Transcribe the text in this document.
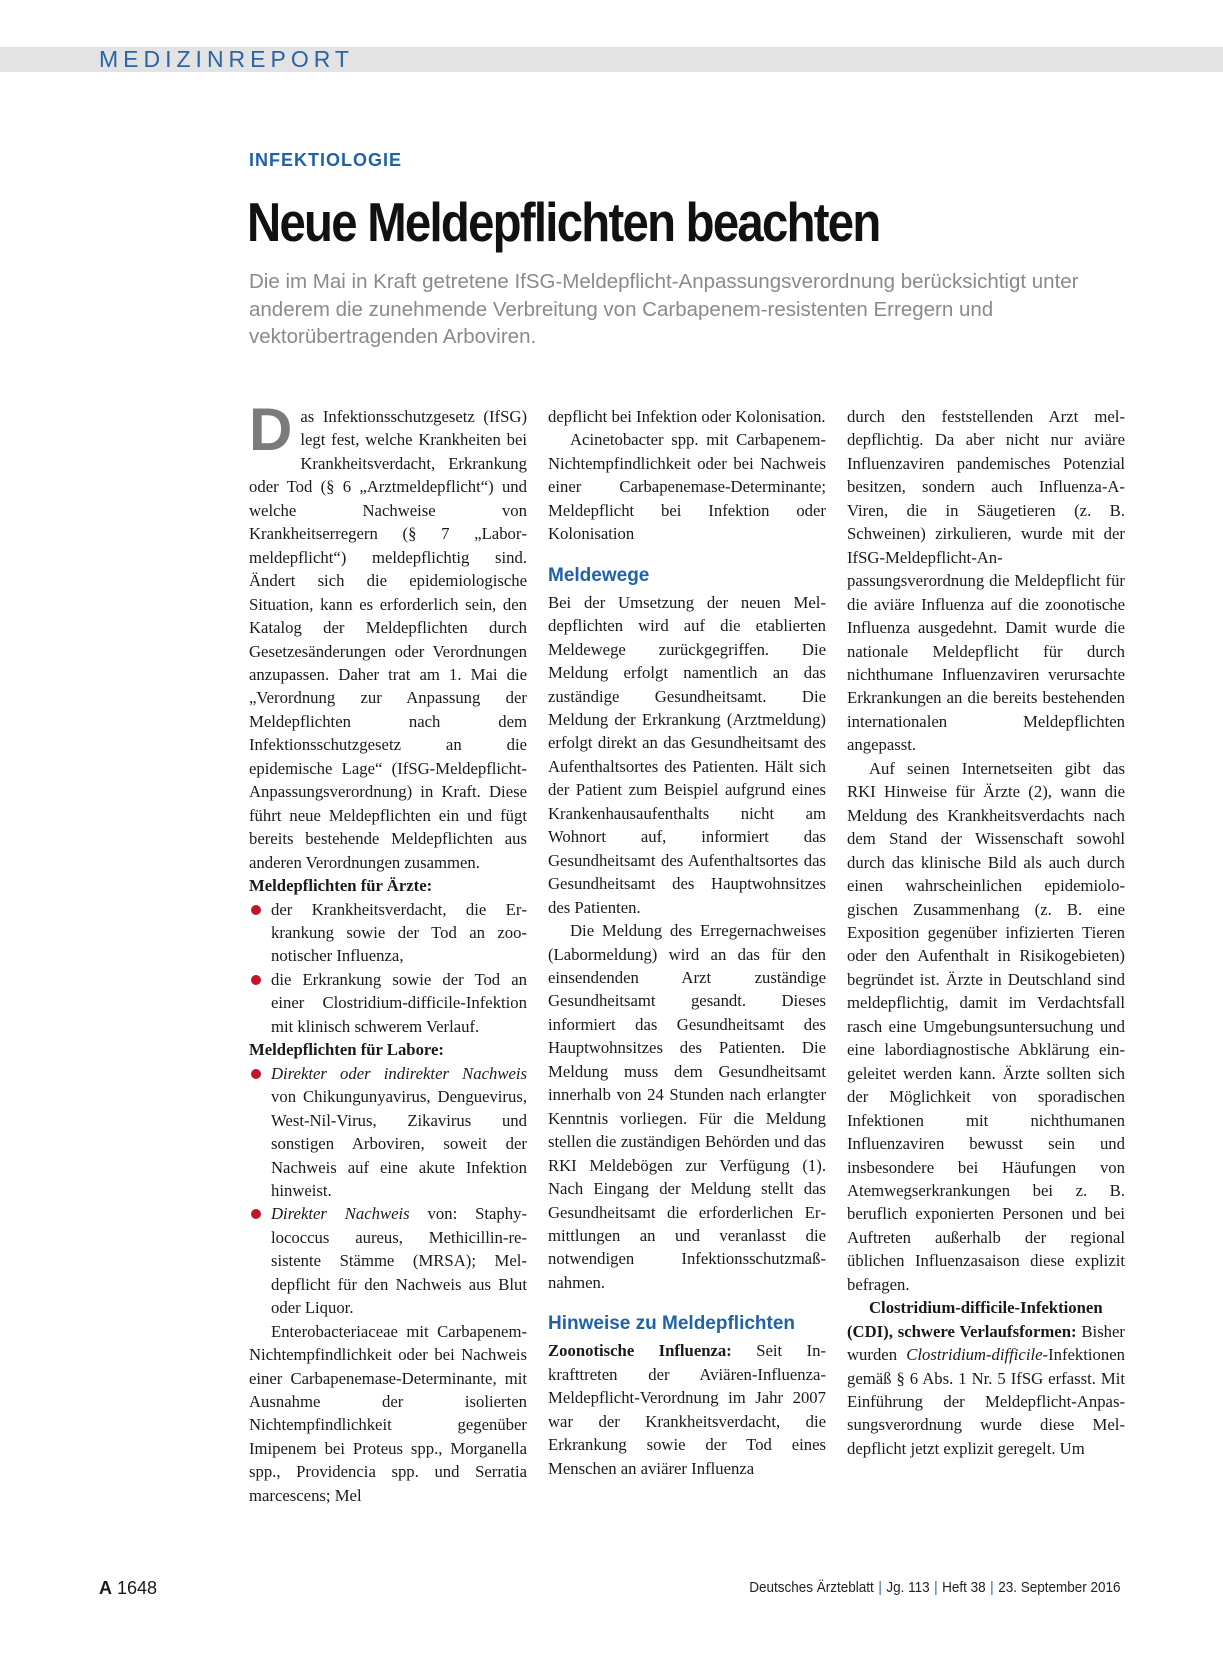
MEDIZINREPORT
INFEKTIOLOGIE
Neue Meldepflichten beachten
Die im Mai in Kraft getretene IfSG-Meldepflicht-Anpassungsverordnung berücksichtigt unter anderem die zunehmende Verbreitung von Carbapenem-resistenten Erregern und vektorübertragenden Arboviren.

Das Infektionsschutzgesetz (IfSG) legt fest, welche Krankheiten bei Krankheitsverdacht, Erkrankung oder Tod (§ 6 „Arztmeldepflicht“) und welche Nachweise von Krankheitserregern (§ 7 „Labormeldepflicht“) meldepflichtig sind. Ändert sich die epidemiologische Situation, kann es erforderlich sein, den Katalog der Meldepflichten durch Gesetzesänderungen oder Verordnungen anzupassen. Daher trat am 1. Mai die „Verordnung zur Anpassung der Meldepflichten nach dem Infektionsschutzgesetz an die epidemische Lage“ (IfSG-Meldepflicht-Anpassungsverordnung) in Kraft. Diese führt neue Meldepflichten ein und fügt bereits bestehende Meldepflichten aus anderen Verordnungen zusammen.

Meldepflichten für Ärzte:

der Krankheitsverdacht, die Erkrankung sowie der Tod an zoonotischer Influenza,
die Erkrankung sowie der Tod an einer Clostridium-difficile-Infektion mit klinisch schwerem Verlauf.

Meldepflichten für Labore:

Direkter oder indirekter Nachweis von Chikungunyavirus, Denguevirus, West-Nil-Virus, Zikavirus und sonstigen Arboviren, soweit der Nachweis auf eine akute Infektion hinweist.
Direkter Nachweis von: Staphylococcus aureus, Methicillin-resistente Stämme (MRSA); Meldepflicht für den Nachweis aus Blut oder Liquor.

Enterobacteriaceae mit Carbapenem-Nichtempfindlichkeit oder bei Nachweis einer Carbapenemase-Determinante, mit Ausnahme der isolierten Nichtempfindlichkeit gegenüber Imipenem bei Proteus spp., Morganella spp., Providencia spp. und Serratia marcescens; Mel

depflicht bei Infektion oder Kolonisation.

Acinetobacter spp. mit Carbapenem-Nichtempfindlichkeit oder bei Nachweis einer Carbapenemase-Determinante; Meldepflicht bei Infektion oder Kolonisation

Meldewege

Bei der Umsetzung der neuen Meldepflichten wird auf die etablierten Meldewege zurückgegriffen. Die Meldung erfolgt namentlich an das zuständige Gesundheitsamt. Die Meldung der Erkrankung (Arztmeldung) erfolgt direkt an das Gesundheitsamt des Aufenthaltsortes des Patienten. Hält sich der Patient zum Beispiel aufgrund eines Krankenhausaufenthalts nicht am Wohnort auf, informiert das Gesundheitsamt des Aufenthaltsortes das Gesundheitsamt des Hauptwohnsitzes des Patienten.

Die Meldung des Erregernachweises (Labormeldung) wird an das für den einsendenden Arzt zuständige Gesundheitsamt gesandt. Dieses informiert das Gesundheitsamt des Hauptwohnsitzes des Patienten. Die Meldung muss dem Gesundheitsamt innerhalb von 24 Stunden nach erlangter Kenntnis vorliegen. Für die Meldung stellen die zuständigen Behörden und das RKI Meldebögen zur Verfügung (1). Nach Eingang der Meldung stellt das Gesundheitsamt die erforderlichen Ermittlungen an und veranlasst die notwendigen Infektionsschutzmaßnahmen.

Hinweise zu Meldepflichten

Zoonotische Influenza: Seit Inkrafttreten der Aviären-Influenza-Meldepflicht-Verordnung im Jahr 2007 war der Krankheitsverdacht, die Erkrankung sowie der Tod eines Menschen an aviärer Influenza

durch den feststellenden Arzt meldepflichtig. Da aber nicht nur aviäre Influenzaviren pandemisches Potenzial besitzen, sondern auch Influenza-A-Viren, die in Säugetieren (z. B. Schweinen) zirkulieren, wurde mit der IfSG-Meldepflicht-Anpassungsverordnung die Meldepflicht für die aviäre Influenza auf die zoonotische Influenza ausgedehnt. Damit wurde die nationale Meldepflicht für durch nichthumane Influenzaviren verursachte Erkrankungen an die bereits bestehenden internationalen Meldepflichten angepasst.

Auf seinen Internetseiten gibt das RKI Hinweise für Ärzte (2), wann die Meldung des Krankheitsverdachts nach dem Stand der Wissenschaft sowohl durch das klinische Bild als auch durch einen wahrscheinlichen epidemiologischen Zusammenhang (z. B. eine Exposition gegenüber infizierten Tieren oder den Aufenthalt in Risikogebieten) begründet ist. Ärzte in Deutschland sind meldepflichtig, damit im Verdachtsfall rasch eine Umgebungsuntersuchung und eine labordiagnostische Abklärung eingeleitet werden kann. Ärzte sollten sich der Möglichkeit von sporadischen Infektionen mit nichthumanen Influenzaviren bewusst sein und insbesondere bei Häufungen von Atemwegserkrankungen bei z. B. beruflich exponierten Personen und bei Auftreten außerhalb der regional üblichen Influenzasaison diese explizit befragen.

Clostridium-difficile-Infektionen (CDI), schwere Verlaufsformen: Bisher wurden Clostridium-difficile-Infektionen gemäß § 6 Abs. 1 Nr. 5 IfSG erfasst. Mit Einführung der Meldepflicht-Anpassungsverordnung wurde diese Meldepflicht jetzt explizit geregelt. Um

A 1648	Deutsches Ärzteblatt | Jg. 113 | Heft 38 | 23. September 2016
